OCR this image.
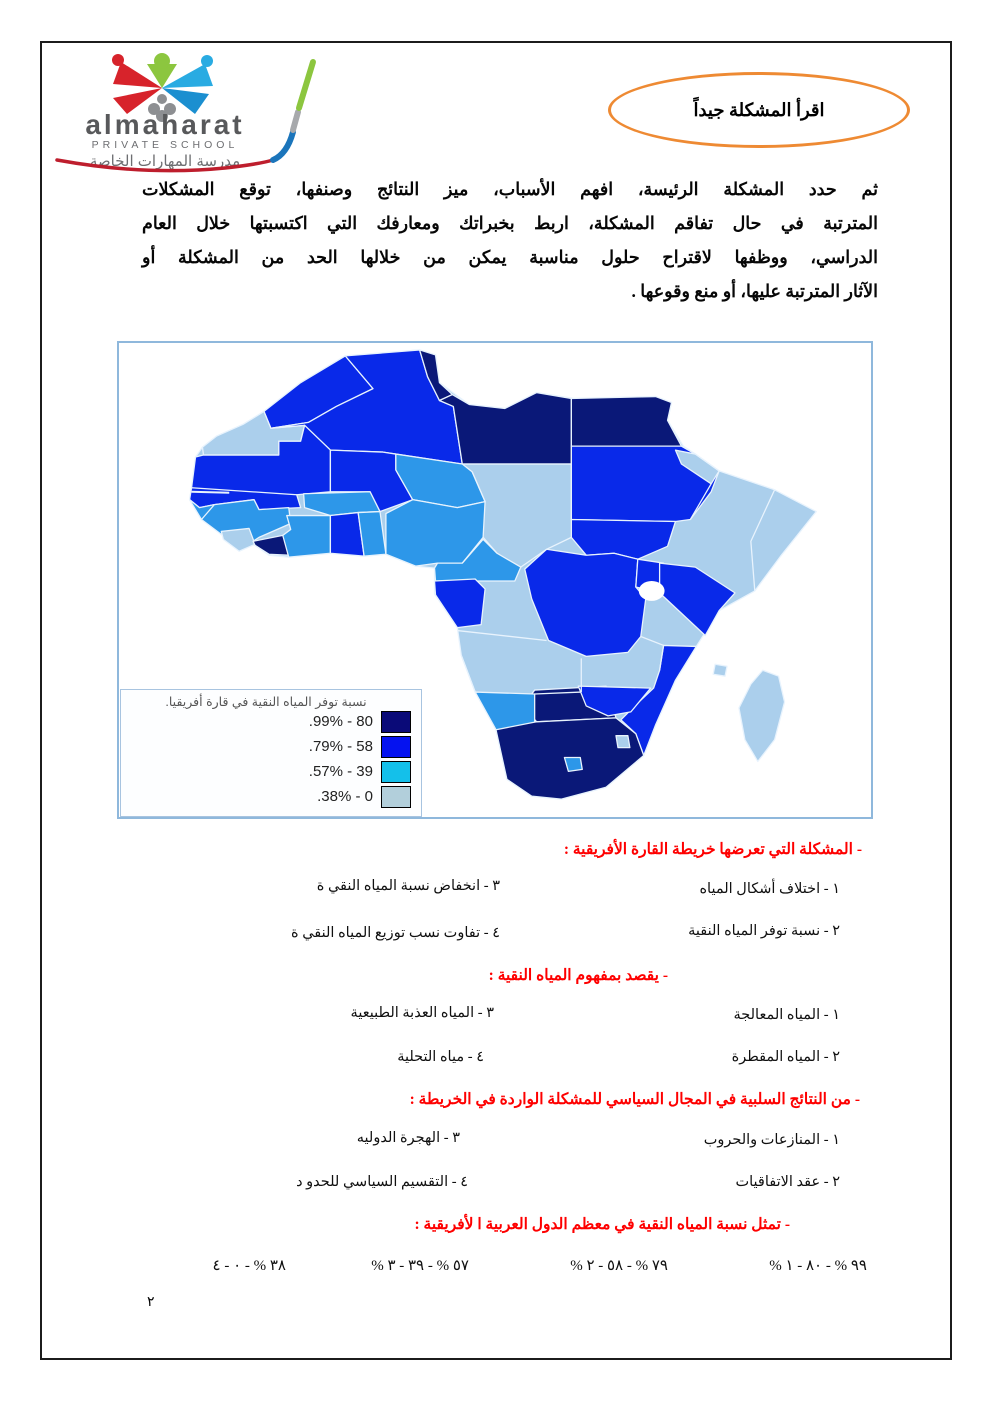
almaharat
PRIVATE SCHOOL
مدرسة المهارات الخاصة
اقرأ المشكلة جيداً
ثم حدد المشكلة الرئيسة، افهم الأسباب، ميز النتائج وصنفها، توقع المشكلات
المترتبة في حال تفاقم المشكلة، اربط بخبراتك ومعارفك التي اكتسبتها خلال العام
الدراسي، ووظفها لاقتراح حلول مناسبة يمكن من خلالها الحد من المشكلة أو
الآثار المترتبة عليها، أو منع وقوعها .
نسبة توفر المياه النقية في قارة أفريقيا.
.99% - 80
.79% - 58
.57% - 39
.38% - 0
- المشكلة التي تعرضها خريطة القارة الأفريقية :
١ - اختلاف أشكال المياه
٣ - انخفاض نسبة المياه النقي ة
٢ - نسبة توفر المياه النقية
٤ - تفاوت نسب توزيع المياه النقي ة
- يقصد بمفهوم المياه النقية :
١ - المياه المعالجة
٣ - المياه العذبة الطبيعية
٢ - المياه المقطرة
٤ - مياه التحلية
- من النتائج السلبية في المجال السياسي للمشكلة الواردة في الخريطة :
١ - المنازعات والحروب
٣ - الهجرة الدوليه
٢ - عقد الاتفاقيات
٤ - التقسيم السياسي للحدو د
- تمثل نسبة المياه النقية في معظم الدول العربية ا لأفريقية :
% ٩٩ % - ٨٠ - ١
% ٧٩ % - ٥٨ - ٢
% ٥٧ % - ٣٩ - ٣
٣٨ % - ٠ - ٤
٢
